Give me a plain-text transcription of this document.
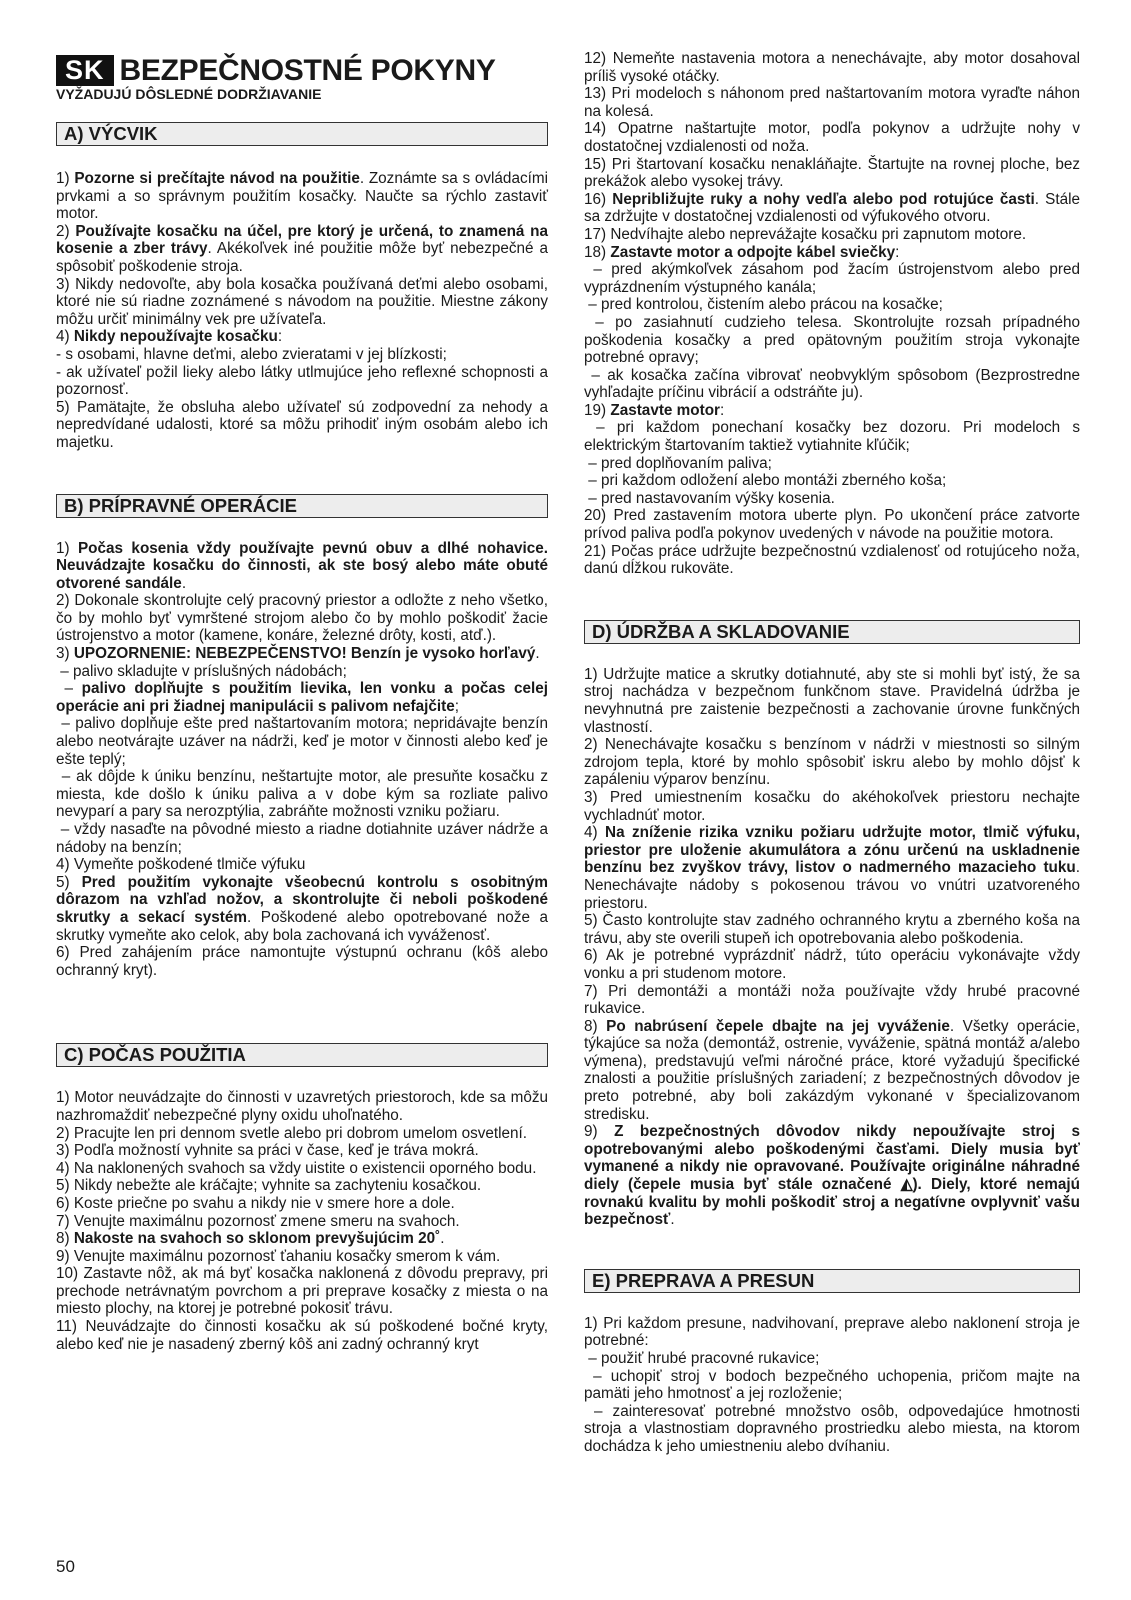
SK BEZPEČNOSTNÉ POKYNY
VYŽADUJÚ DÔSLEDNÉ DODRŽIAVANIE
A) VÝCVIK

1) Pozorne si prečítajte návod na použitie. Zoznámte sa s ovládacími prvkami a so správnym použitím kosačky. Naučte sa rýchlo zastaviť motor.

2) Používajte kosačku na účel, pre ktorý je určená, to znamená na kosenie a zber trávy. Akékoľvek iné použitie môže byť nebezpečné a spôsobiť poškodenie stroja.

3) Nikdy nedovoľte, aby bola kosačka používaná deťmi alebo osobami, ktoré nie sú riadne zoznámené s návodom na použitie. Miestne zákony môžu určiť minimálny vek pre užívateľa.

4) Nikdy nepoužívajte kosačku:

- s osobami, hlavne deťmi, alebo zvieratami v jej blízkosti;

- ak užívateľ požil lieky alebo látky utlmujúce jeho reflexné schopnosti a pozornosť.

5) Pamätajte, že obsluha alebo užívateľ sú zodpovední za nehody a nepredvídané udalosti, ktoré sa môžu prihodiť iným osobám alebo ich majetku.

B) PRÍPRAVNÉ OPERÁCIE

1) Počas kosenia vždy používajte pevnú obuv a dlhé nohavice. Neuvádzajte kosačku do činnosti, ak ste bosý alebo máte obuté otvorené sandále.

2) Dokonale skontrolujte celý pracovný priestor a odložte z neho všetko, čo by mohlo byť vymrštené strojom alebo čo by mohlo poškodiť žacie ústrojenstvo a motor (kamene, konáre, železné drôty, kosti, atď.).

3) UPOZORNENIE: NEBEZPEČENSTVO! Benzín je vysoko horľavý.

– palivo skladujte v príslušných nádobách;

– palivo doplňujte s použitím lievika, len vonku a počas celej operácie ani pri žiadnej manipulácii s palivom nefajčite;

– palivo doplňuje ešte pred naštartovaním motora; nepridávajte benzín alebo neotvárajte uzáver na nádrži, keď je motor v činnosti alebo keď je ešte teplý;

– ak dôjde k úniku benzínu, neštartujte motor, ale presuňte kosačku z miesta, kde došlo k úniku paliva a v dobe kým sa rozliate palivo nevyparí a pary sa nerozptýlia, zabráňte možnosti vzniku požiaru.

– vždy nasaďte na pôvodné miesto a riadne dotiahnite uzáver nádrže a nádoby na benzín;

4) Vymeňte poškodené tlmiče výfuku

5) Pred použitím vykonajte všeobecnú kontrolu s osobitným dôrazom na vzhľad nožov, a skontrolujte či neboli poškodené skrutky a sekací systém. Poškodené alebo opotrebované nože a skrutky vymeňte ako celok, aby bola zachovaná ich vyváženosť.

6) Pred zahájením práce namontujte výstupnú ochranu (kôš alebo ochranný kryt).

C) POČAS POUŽITIA

1) Motor neuvádzajte do činnosti v uzavretých priestoroch, kde sa môžu nazhromaždiť nebezpečné plyny oxidu uhoľnatého.

2) Pracujte len pri dennom svetle alebo pri dobrom umelom osvetlení.

3) Podľa možností vyhnite sa práci v čase, keď je tráva mokrá.

4) Na naklonených svahoch sa vždy uistite o existencii oporného bodu.

5) Nikdy nebežte ale kráčajte; vyhnite sa zachyteniu kosačkou.

6) Koste priečne po svahu a nikdy nie v smere hore a dole.

7) Venujte maximálnu pozornosť zmene smeru na svahoch.

8) Nakoste na svahoch so sklonom prevyšujúcim 20˚.

9) Venujte maximálnu pozornosť ťahaniu kosačky smerom k vám.

10) Zastavte nôž, ak má byť kosačka naklonená z dôvodu prepravy, pri prechode netrávnatým povrchom a pri preprave kosačky z miesta o na miesto plochy, na ktorej je potrebné pokosiť trávu.

11) Neuvádzajte do činnosti kosačku ak sú poškodené bočné kryty, alebo keď nie je nasadený zberný kôš ani zadný ochranný kryt

12) Nemeňte nastavenia motora a nenechávajte, aby motor dosahoval príliš vysoké otáčky.

13) Pri modeloch s náhonom pred naštartovaním motora vyraďte náhon na kolesá.

14) Opatrne naštartujte motor, podľa pokynov a udržujte nohy v dostatočnej vzdialenosti od noža.

15) Pri štartovaní kosačku nenakláňajte. Štartujte na rovnej ploche, bez prekážok alebo vysokej trávy.

16) Nepribližujte ruky a nohy vedľa alebo pod rotujúce časti. Stále sa zdržujte v dostatočnej vzdialenosti od výfukového otvoru.

17) Nedvíhajte alebo neprevážajte kosačku pri zapnutom motore.

18) Zastavte motor a odpojte kábel sviečky:

– pred akýmkoľvek zásahom pod žacím ústrojenstvom alebo pred vyprázdnením výstupného kanála;

– pred kontrolou, čistením alebo prácou na kosačke;

– po zasiahnutí cudzieho telesa. Skontrolujte rozsah prípadného poškodenia kosačky a pred opätovným použitím stroja vykonajte potrebné opravy;

– ak kosačka začína vibrovať neobvyklým spôsobom (Bezprostredne vyhľadajte príčinu vibrácií a odstráňte ju).

19) Zastavte motor:

– pri každom ponechaní kosačky bez dozoru. Pri modeloch s elektrickým štartovaním taktiež vytiahnite kľúčik;

– pred doplňovaním paliva;

– pri každom odložení alebo montáži zberného koša;

– pred nastavovaním výšky kosenia.

20) Pred zastavením motora uberte plyn. Po ukončení práce zatvorte prívod paliva podľa pokynov uvedených v návode na použitie motora.

21) Počas práce udržujte bezpečnostnú vzdialenosť od rotujúceho noža, danú dĺžkou rukoväte.

D) ÚDRŽBA A SKLADOVANIE

1) Udržujte matice a skrutky dotiahnuté, aby ste si mohli byť istý, že sa stroj nachádza v bezpečnom funkčnom stave. Pravidelná údržba je nevyhnutná pre zaistenie bezpečnosti a zachovanie úrovne funkčných vlastností.

2) Nenechávajte kosačku s benzínom v nádrži v miestnosti so silným zdrojom tepla, ktoré by mohlo spôsobiť iskru alebo by mohlo dôjsť k zapáleniu výparov benzínu.

3) Pred umiestnením kosačku do akéhokoľvek priestoru nechajte vychladnúť motor.

4) Na zníženie rizika vzniku požiaru udržujte motor, tlmič výfuku, priestor pre uloženie akumulátora a zónu určenú na uskladnenie benzínu bez zvyškov trávy, listov o nadmerného mazacieho tuku. Nenechávajte nádoby s pokosenou trávou vo vnútri uzatvoreného priestoru.

5) Často kontrolujte stav zadného ochranného krytu a zberného koša na trávu, aby ste overili stupeň ich opotrebovania alebo poškodenia.

6) Ak je potrebné vyprázdniť nádrž, túto operáciu vykonávajte vždy vonku a pri studenom motore.

7) Pri demontáži a montáži noža používajte vždy hrubé pracovné rukavice.

8) Po nabrúsení čepele dbajte na jej vyváženie. Všetky operácie, týkajúce sa noža (demontáž, ostrenie, vyváženie, spätná montáž a/alebo výmena), predstavujú veľmi náročné práce, ktoré vyžadujú špecifické znalosti a použitie príslušných zariadení; z bezpečnostných dôvodov je preto potrebné, aby boli zakázdým vykonané v špecializovanom stredisku.

9) Z bezpečnostných dôvodov nikdy nepoužívajte stroj s opotrebovanými alebo poškodenými časťami. Diely musia byť vymanené a nikdy nie opravované. Používajte originálne náhradné diely (čepele musia byť stále označené ◭). Diely, ktoré nemajú rovnakú kvalitu by mohli poškodiť stroj a negatívne ovplyvniť vašu bezpečnosť.

E) PREPRAVA A PRESUN

1) Pri každom presune, nadvihovaní, preprave alebo naklonení stroja je potrebné:

– použiť hrubé pracovné rukavice;

– uchopiť stroj v bodoch bezpečného uchopenia, pričom majte na pamäti jeho hmotnosť a jej rozloženie;

– zainteresovať potrebné množstvo osôb, odpovedajúce hmotnosti stroja a vlastnostiam dopravného prostriedku alebo miesta, na ktorom dochádza k jeho umiestneniu alebo dvíhaniu.

50
